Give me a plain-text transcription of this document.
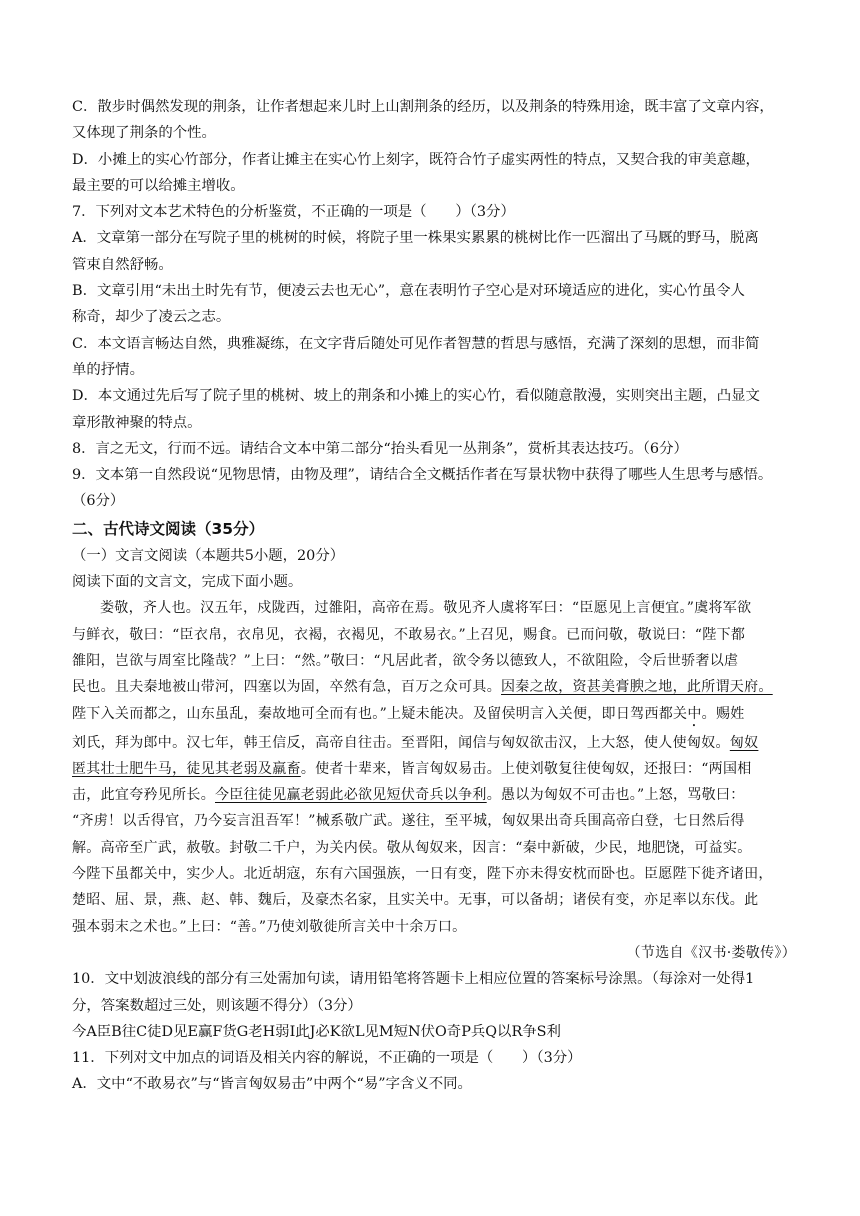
C．散步时偶然发现的荆条，让作者想起来儿时上山割荆条的经历，以及荆条的特殊用途，既丰富了文章内容，

又体现了荆条的个性。

D．小摊上的实心竹部分，作者让摊主在实心竹上刻字，既符合竹子虚实两性的特点，又契合我的审美意趣，

最主要的可以给摊主增收。

7．下列对文本艺术特色的分析鉴赏，不正确的一项是（　　）（3分）

A．文章第一部分在写院子里的桃树的时候，将院子里一株果实累累的桃树比作一匹溜出了马厩的野马，脱离

管束自然舒畅。

B．文章引用“未出土时先有节，便凌云去也无心”，意在表明竹子空心是对环境适应的进化，实心竹虽令人

称奇，却少了凌云之志。

C．本文语言畅达自然，典雅凝练，在文字背后随处可见作者智慧的哲思与感悟，充满了深刻的思想，而非简

单的抒情。

D．本文通过先后写了院子里的桃树、坡上的荆条和小摊上的实心竹，看似随意散漫，实则突出主题，凸显文

章形散神聚的特点。

8．言之无文，行而不远。请结合文本中第二部分“抬头看见一丛荆条”，赏析其表达技巧。（6分）

9．文本第一自然段说“见物思情，由物及理”，请结合全文概括作者在写景状物中获得了哪些人生思考与感悟。

（6分）

二、古代诗文阅读（35分）

（一）文言文阅读（本题共5小题，20分）

阅读下面的文言文，完成下面小题。

娄敬，齐人也。汉五年，戍陇西，过雒阳，高帝在焉。敬见齐人虞将军曰：“臣愿见上言便宜。”虞将军欲

与鲜衣，敬曰：“臣衣帛，衣帛见，衣褐，衣褐见，不敢易衣。”上召见，赐食。已而问敬，敬说曰：“陛下都

雒阳，岂欲与周室比隆哉？”上曰：“然。”敬曰：“凡居此者，欲令务以德致人，不欲阻险，令后世骄奢以虐

民也。且夫秦地被山带河，四塞以为固，卒然有急，百万之众可具。因秦之故，资甚美膏腴之地，此所谓天府。

陛下入关而都之，山东虽乱，秦故地可全而有也。”上疑未能决。及留侯明言入关便，即日驾西都关中。赐姓

刘氏，拜为郎中。汉七年，韩王信反，高帝自往击。至晋阳，闻信与匈奴欲击汉，上大怒，使人使匈奴。匈奴

匿其壮士肥牛马，徒见其老弱及羸畜。使者十辈来，皆言匈奴易击。上使刘敬复往使匈奴，还报曰：“两国相

击，此宜夸矜见所长。今臣往徒见赢老弱此必欲见短伏奇兵以争利。愚以为匈奴不可击也。”上怒，骂敬曰：

“齐虏！以舌得官，乃今妄言沮吾军！”械系敬广武。遂往，至平城，匈奴果出奇兵围高帝白登，七日然后得

解。高帝至广武，赦敬。封敬二千户，为关内侯。敬从匈奴来，因言：“秦中新破，少民，地肥饶，可益实。

今陛下虽都关中，实少人。北近胡寇，东有六国强族，一日有变，陛下亦未得安枕而卧也。臣愿陛下徙齐诸田，

楚昭、屈、景，燕、赵、韩、魏后，及豪杰名家，且实关中。无事，可以备胡；诸侯有变，亦足率以东伐。此

强本弱末之术也。”上曰：“善。”乃使刘敬徙所言关中十余万口。

（节选自《汉书·娄敬传》）

10．文中划波浪线的部分有三处需加句读，请用铅笔将答题卡上相应位置的答案标号涂黑。（每涂对一处得1

分，答案数超过三处，则该题不得分）（3分）

今A臣B往C徒D见E赢F货G老H弱I此J必K欲L见M短N伏O奇P兵Q以R争S利

11．下列对文中加点的词语及相关内容的解说，不正确的一项是（　　）（3分）

A．文中“不敢易衣”与“皆言匈奴易击”中两个“易”字含义不同。
